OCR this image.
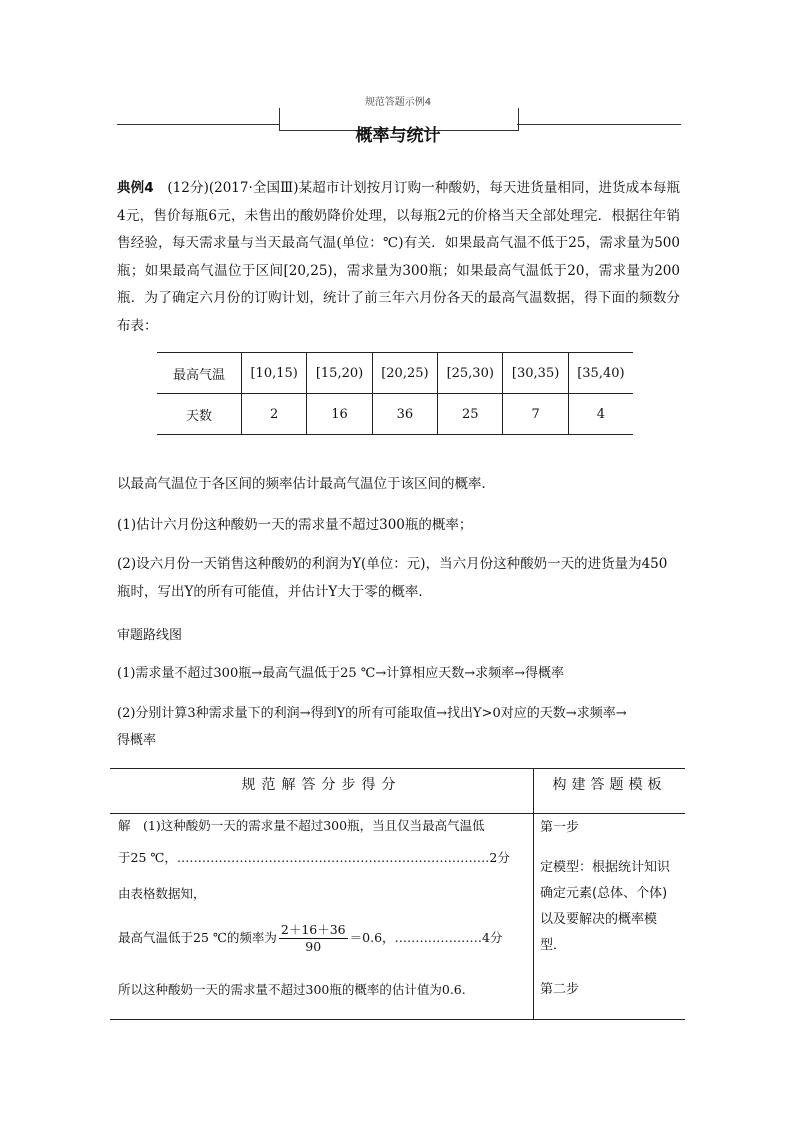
规范答题示例4
概率与统计
典例4　(12分)(2017·全国Ⅲ)某超市计划按月订购一种酸奶，每天进货量相同，进货成本每瓶4元，售价每瓶6元，未售出的酸奶降价处理，以每瓶2元的价格当天全部处理完．根据往年销售经验，每天需求量与当天最高气温(单位：℃)有关．如果最高气温不低于25，需求量为500瓶；如果最高气温位于区间[20,25)，需求量为300瓶；如果最高气温低于20，需求量为200瓶．为了确定六月份的订购计划，统计了前三年六月份各天的最高气温数据，得下面的频数分布表：
最高气温	[10,15)	[15,20)	[20,25)	[25,30)	[30,35)	[35,40)
天数	2	16	36	25	7	4
以最高气温位于各区间的频率估计最高气温位于该区间的概率．
(1)估计六月份这种酸奶一天的需求量不超过300瓶的概率；
(2)设六月份一天销售这种酸奶的利润为Y(单位：元)，当六月份这种酸奶一天的进货量为450
瓶时，写出Y的所有可能值，并估计Y大于零的概率．
审题路线图
(1)需求量不超过300瓶→最高气温低于25 ℃→计算相应天数→求频率→得概率
(2)分别计算3种需求量下的利润→得到Y的所有可能取值→找出Y>0对应的天数→求频率→
得概率
规范解答分步得分	构建答题模板
解　(1)这种酸奶一天的需求量不超过300瓶，当且仅当最高气温低
于25 ℃，…………………………………………………………………2分
由表格数据知，
最高气温低于25 ℃的频率为 $\frac{2+16+36}{90} =0.6$，…………………4分
所以这种酸奶一天的需求量不超过300瓶的概率的估计值为0.6.
第一步
定模型：根据统计知识
确定元素(总体、个体)
以及要解决的概率模
型．
第二步
